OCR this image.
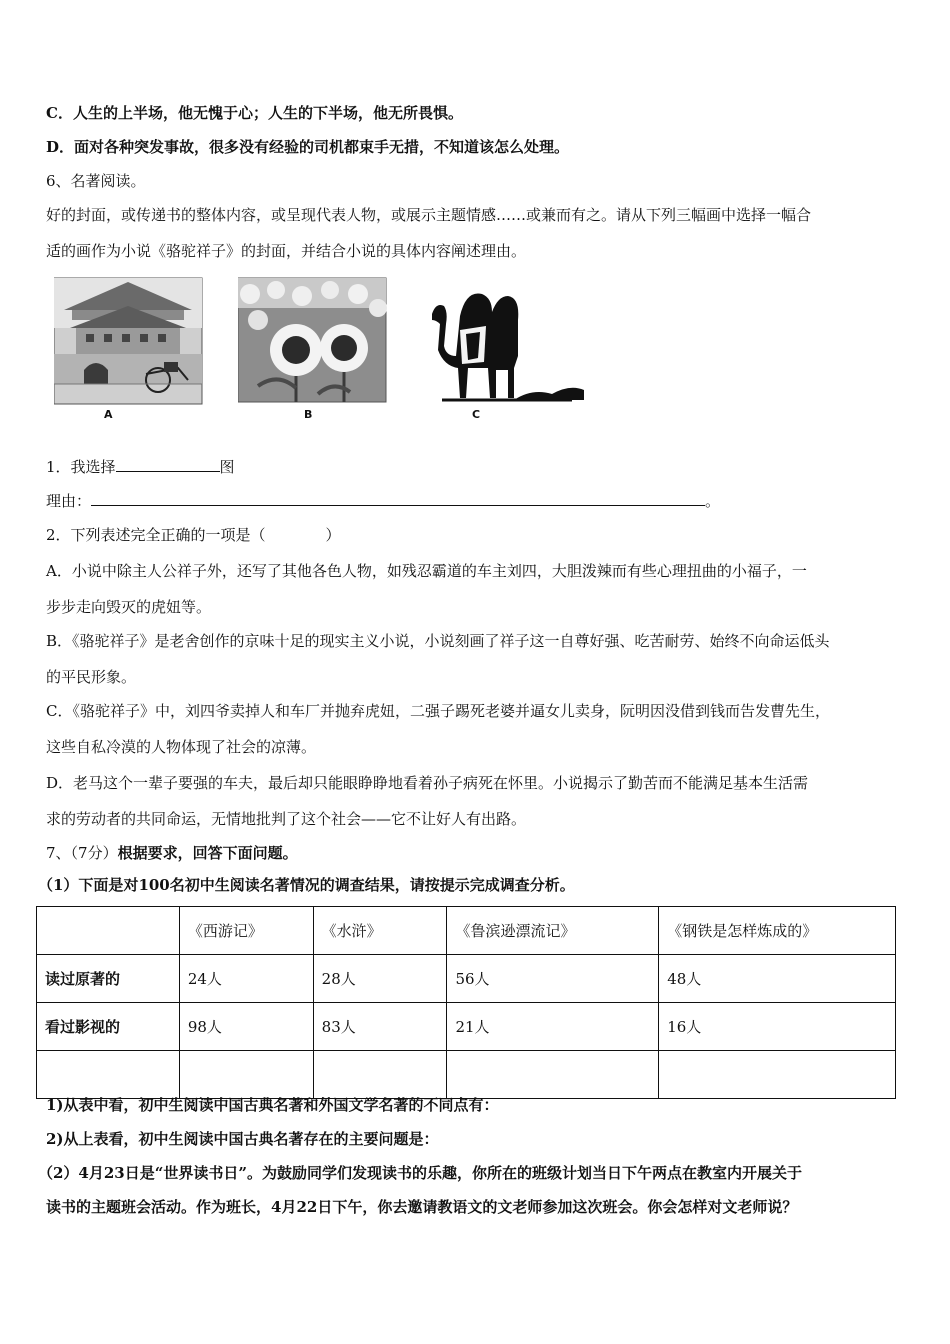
C．人生的上半场，他无愧于心；人生的下半场，他无所畏惧。
D．面对各种突发事故，很多没有经验的司机都束手无措，不知道该怎么处理。
6、名著阅读。
好的封面，或传递书的整体内容，或呈现代表人物，或展示主题情感……或兼而有之。请从下列三幅画中选择一幅合
适的画作为小说《骆驼祥子》的封面，并结合小说的具体内容阐述理由。
A	B	C
1．我选择	图
理由：	。
2．下列表述完全正确的一项是（　　　　）
A．小说中除主人公祥子外，还写了其他各色人物，如残忍霸道的车主刘四，大胆泼辣而有些心理扭曲的小福子，一
步步走向毁灭的虎妞等。
B．《骆驼祥子》是老舍创作的京味十足的现实主义小说，小说刻画了祥子这一自尊好强、吃苦耐劳、始终不向命运低头
的平民形象。
C．《骆驼祥子》中，刘四爷卖掉人和车厂并抛弃虎妞，二强子踢死老婆并逼女儿卖身，阮明因没借到钱而告发曹先生，
这些自私冷漠的人物体现了社会的凉薄。
D．老马这个一辈子要强的车夫，最后却只能眼睁睁地看着孙子病死在怀里。小说揭示了勤苦而不能满足基本生活需
求的劳动者的共同命运，无情地批判了这个社会——它不让好人有出路。
7、（7分）根据要求，回答下面问题。
（1）下面是对100名初中生阅读名著情况的调查结果，请按提示完成调查分析。
	《西游记》	《水浒》	《鲁滨逊漂流记》	《钢铁是怎样炼成的》
读过原著的	24人	28人	56人	48人
看过影视的	98人	83人	21人	16人

1)从表中看，初中生阅读中国古典名著和外国文学名著的不同点有：
2)从上表看，初中生阅读中国古典名著存在的主要问题是：
（2）4月23日是“世界读书日”。为鼓励同学们发现读书的乐趣，你所在的班级计划当日下午两点在教室内开展关于
读书的主题班会活动。作为班长，4月22日下午，你去邀请教语文的文老师参加这次班会。你会怎样对文老师说？
